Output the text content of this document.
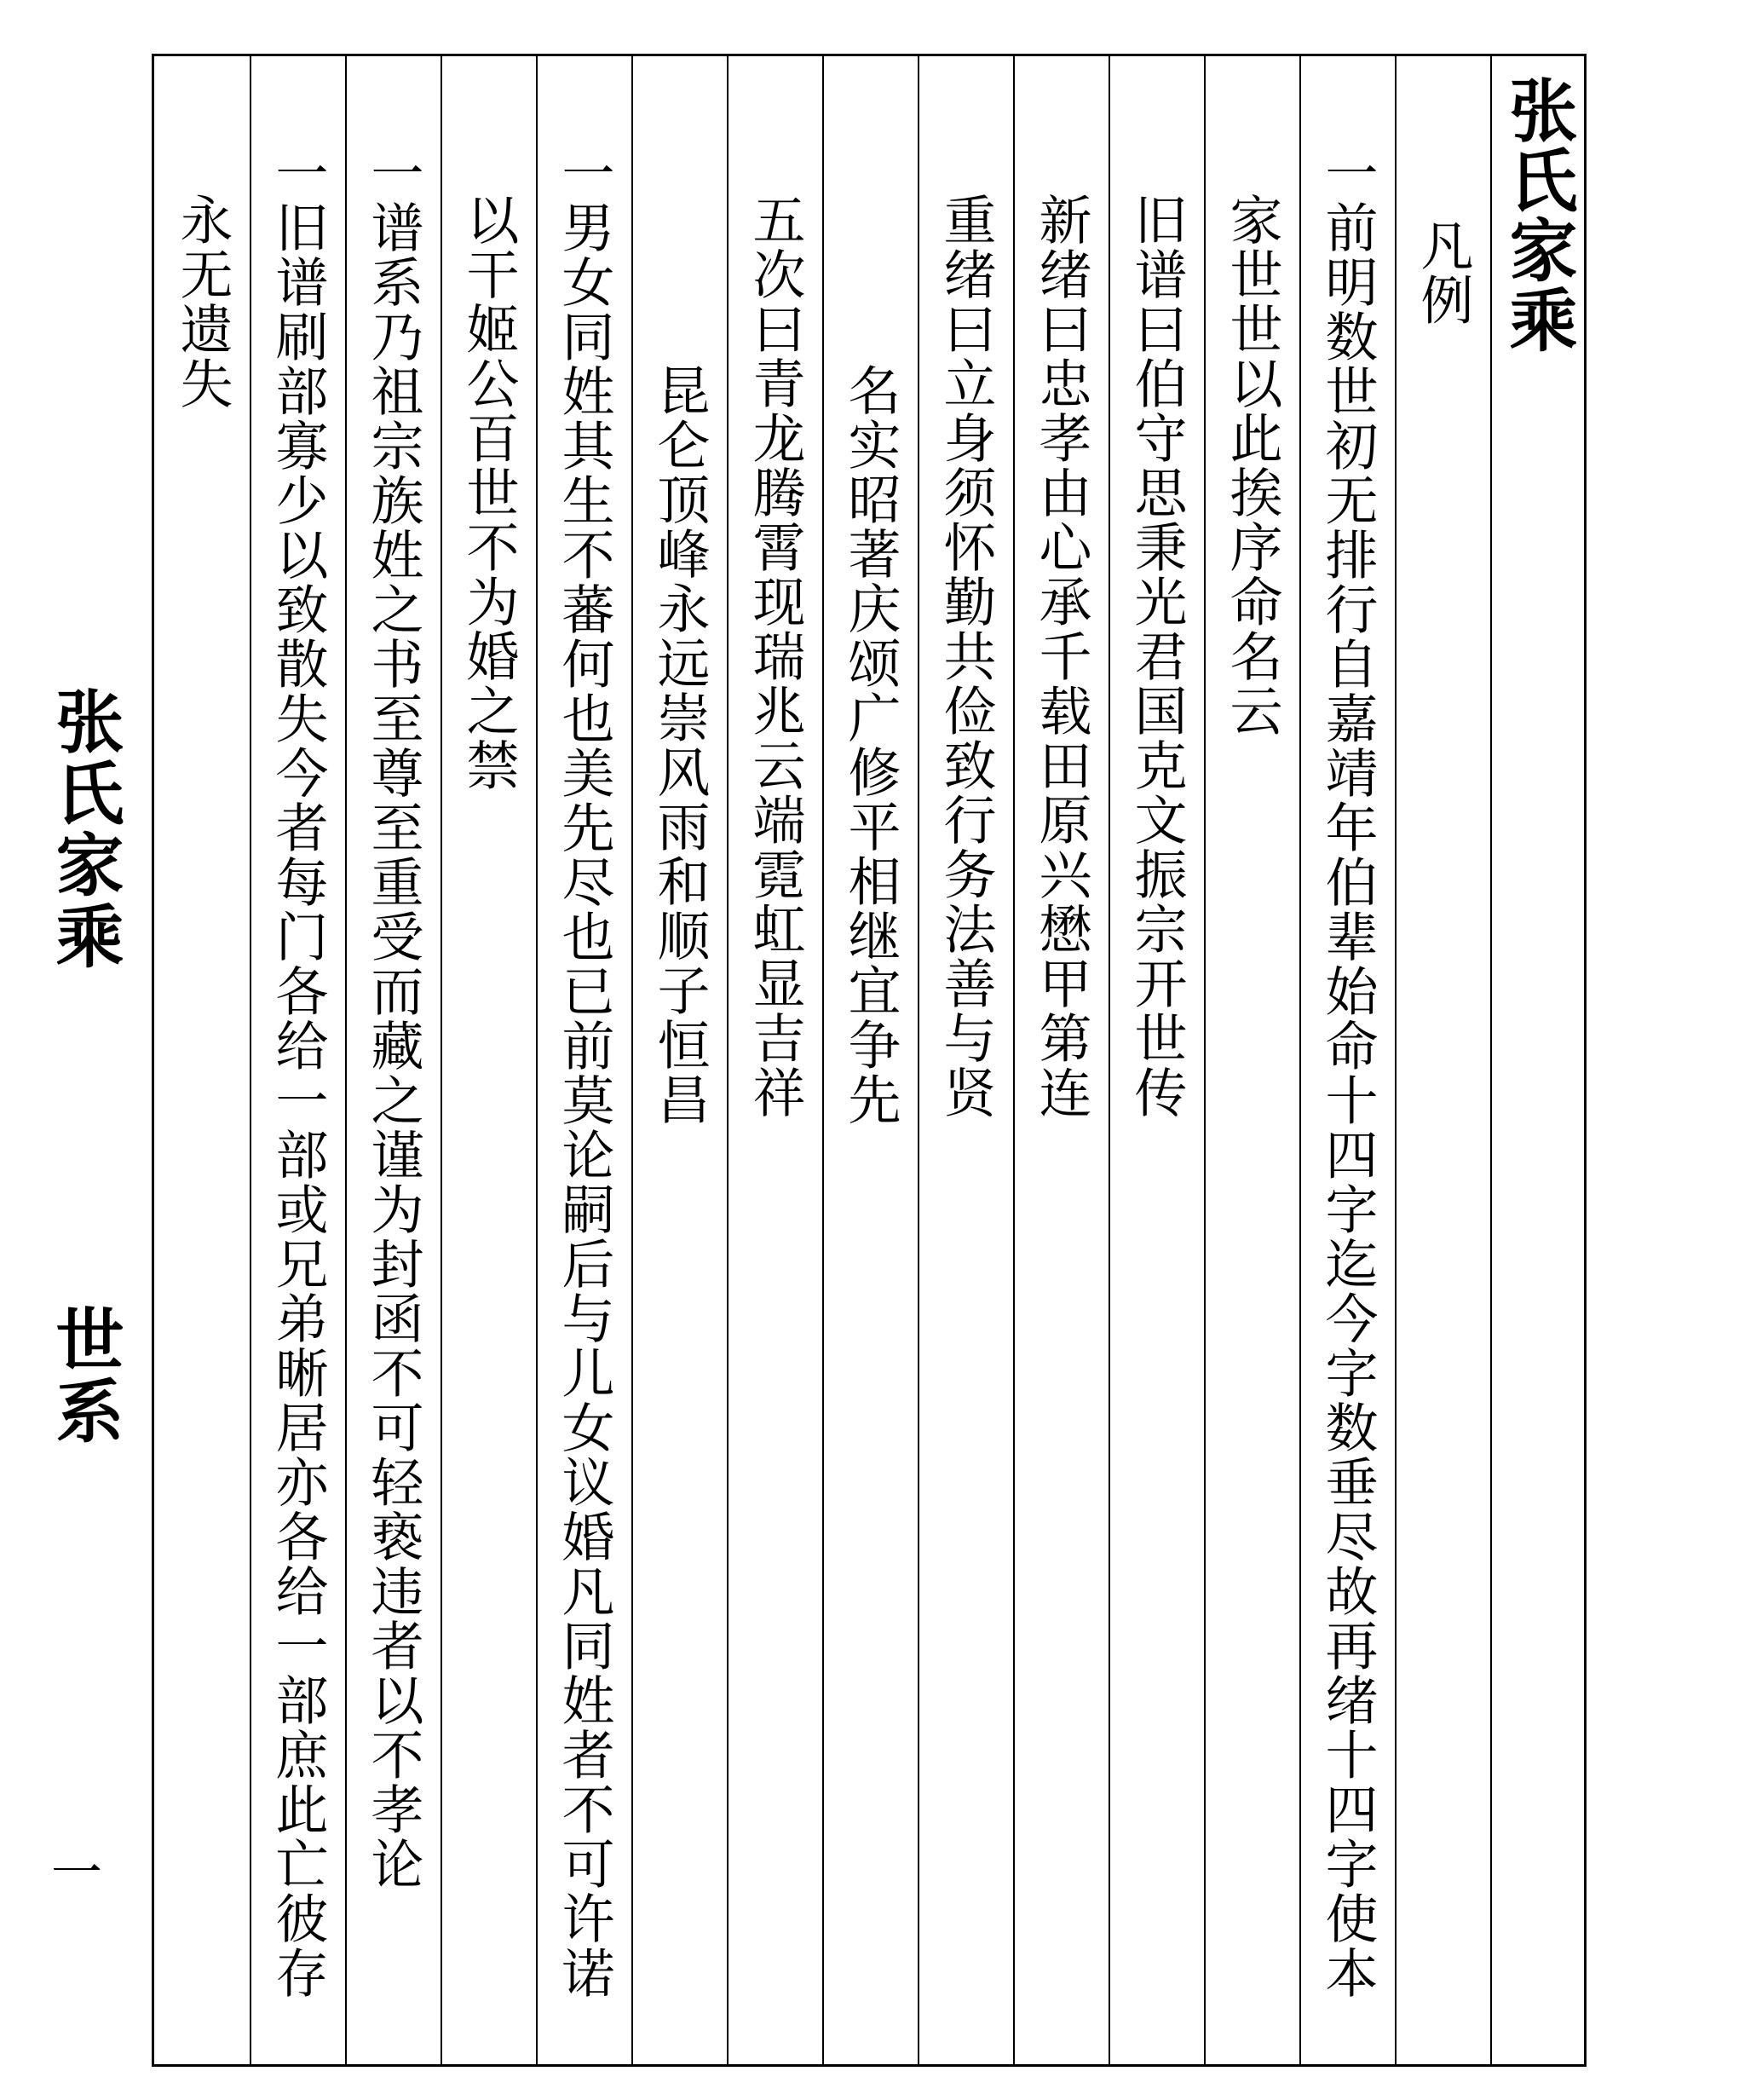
张氏家乘
世系
一
张氏家乘
凡例
一前明数世初无排行自嘉靖年伯辈始命十四字迄今字数垂尽故再绪十四字使本
家世世以此挨序命名云
旧谱曰伯守思秉光君国克文振宗开世传
新绪曰忠孝由心承千载田原兴懋甲第连
重绪曰立身须怀勤共俭致行务法善与贤
名实昭著庆颂广修平相继宜争先
五次曰青龙腾霄现瑞兆云端霓虹显吉祥
昆仑顶峰永远崇风雨和顺子恒昌
一男女同姓其生不蕃何也美先尽也已前莫论嗣后与儿女议婚凡同姓者不可许诺
以干姬公百世不为婚之禁
一谱系乃祖宗族姓之书至尊至重受而藏之谨为封函不可轻亵违者以不孝论
一旧谱刷部寡少以致散失今者每门各给一部或兄弟晰居亦各给一部庶此亡彼存
永无遗失
